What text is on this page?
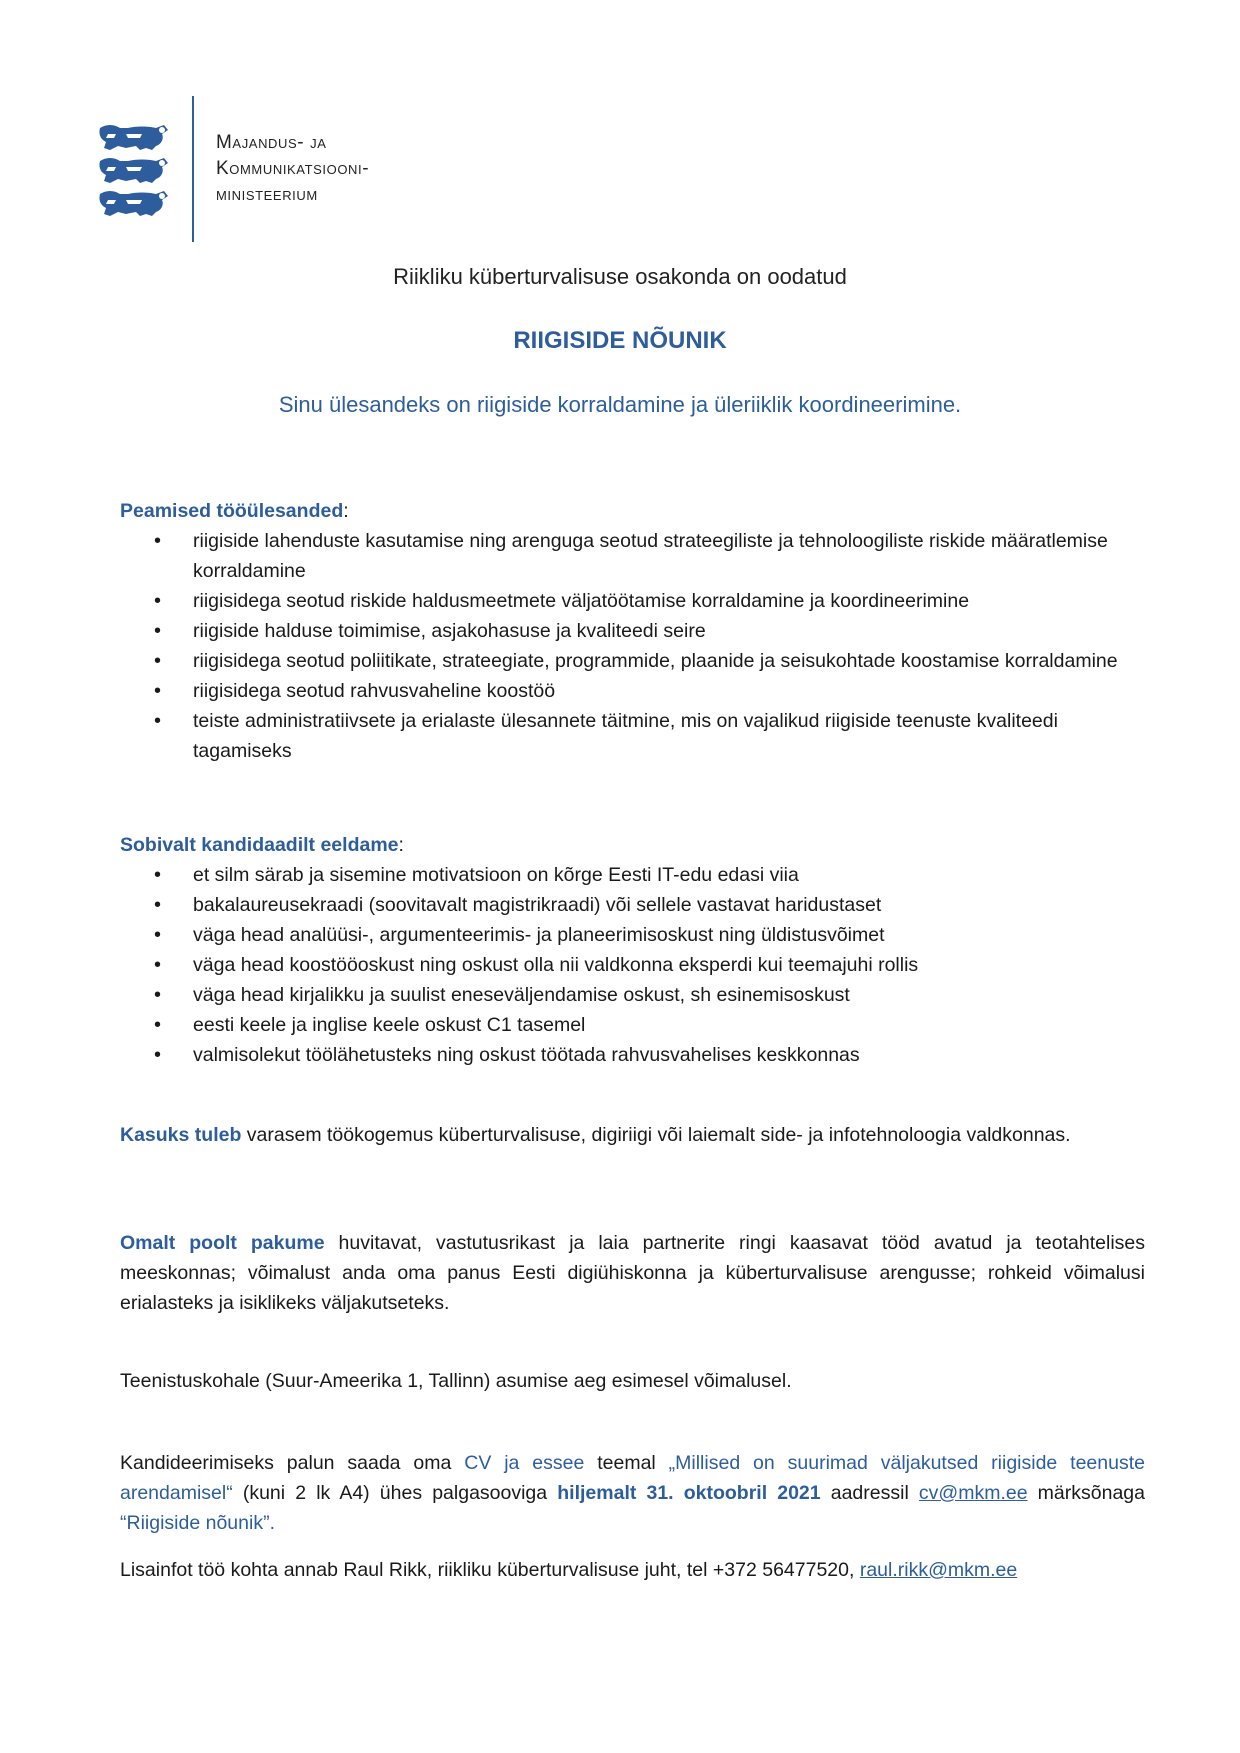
Majandus- ja
Kommunikatsiooni-
ministeerium
Riikliku küberturvalisuse osakonda on oodatud
RIIGISIDE NÕUNIK
Sinu ülesandeks on riigiside korraldamine ja üleriiklik koordineerimine.
Peamised tööülesanded:
• riigiside lahenduste kasutamise ning arenguga seotud strateegiliste ja tehnoloogiliste riskide määratlemise korraldamine
• riigisidega seotud riskide haldusmeetmete väljatöötamise korraldamine ja koordineerimine
• riigiside halduse toimimise, asjakohasuse ja kvaliteedi seire
• riigisidega seotud poliitikate, strateegiate, programmide, plaanide ja seisukohtade koostamise korraldamine
• riigisidega seotud rahvusvaheline koostöö
• teiste administratiivsete ja erialaste ülesannete täitmine, mis on vajalikud riigiside teenuste kvaliteedi tagamiseks
Sobivalt kandidaadilt eeldame:
• et silm särab ja sisemine motivatsioon on kõrge Eesti IT-edu edasi viia
• bakalaureusekraadi (soovitavalt magistrikraadi) või sellele vastavat haridustaset
• väga head analüüsi-, argumenteerimis- ja planeerimisoskust ning üldistusvõimet
• väga head koostööoskust ning oskust olla nii valdkonna eksperdi kui teemajuhi rollis
• väga head kirjalikku ja suulist eneseväljendamise oskust, sh esinemisoskust
• eesti keele ja inglise keele oskust C1 tasemel
• valmisolekut töölähetusteks ning oskust töötada rahvusvahelises keskkonnas
Kasuks tuleb varasem töökogemus küberturvalisuse, digiriigi või laiemalt side- ja infotehnoloogia valdkonnas.
Omalt poolt pakume huvitavat, vastutusrikast ja laia partnerite ringi kaasavat tööd avatud ja teotahtelises meeskonnas; võimalust anda oma panus Eesti digiühiskonna ja küberturvalisuse arengusse; rohkeid võimalusi erialasteks ja isiklikeks väljakutseteks.
Teenistuskohale (Suur-Ameerika 1, Tallinn) asumise aeg esimesel võimalusel.
Kandideerimiseks palun saada oma CV ja essee teemal „Millised on suurimad väljakutsed riigiside teenuste arendamisel“ (kuni 2 lk A4) ühes palgasooviga hiljemalt 31. oktoobril 2021 aadressil cv@mkm.ee märksõnaga “Riigiside nõunik”.
Lisainfot töö kohta annab Raul Rikk, riikliku küberturvalisuse juht, tel +372 56477520, raul.rikk@mkm.ee
